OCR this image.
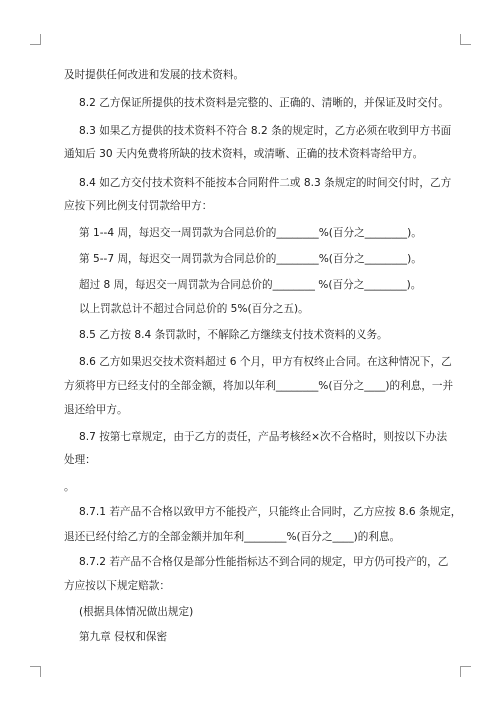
及时提供任何改进和发展的技术资料。
8.2 乙方保证所提供的技术资料是完整的、正确的、清晰的，并保证及时交付。
8.3 如果乙方提供的技术资料不符合 8.2 条的规定时，乙方必须在收到甲方书面
通知后 30 天内免费将所缺的技术资料，或清晰、正确的技术资料寄给甲方。
8.4 如乙方交付技术资料不能按本合同附件二或 8.3 条规定的时间交付时，乙方
应按下列比例支付罚款给甲方：
第 1--4 周，每迟交一周罚款为合同总价的________%(百分之________)。
第 5--7 周，每迟交一周罚款为合同总价的________%(百分之________)。
超过 8 周，每迟交一周罚款为合同总价的________ %(百分之________)。
以上罚款总计不超过合同总价的 5%(百分之五)。
8.5 乙方按 8.4 条罚款时，不解除乙方继续支付技术资料的义务。
8.6 乙方如果迟交技术资料超过 6 个月，甲方有权终止合同。在这种情况下，乙
方须将甲方已经支付的全部金额，将加以年利________%(百分之____)的利息，一并
退还给甲方。
8.7 按第七章规定，由于乙方的责任，产品考核经×次不合格时，则按以下办法
处理：
。
8.7.1 若产品不合格以致甲方不能投产，只能终止合同时，乙方应按 8.6 条规定，
退还已经付给乙方的全部金额并加年利________%(百分之____)的利息。
8.7.2 若产品不合格仅是部分性能指标达不到合同的规定，甲方仍可投产的，乙
方应按以下规定赔款：
(根据具体情况做出规定)
第九章 侵权和保密
